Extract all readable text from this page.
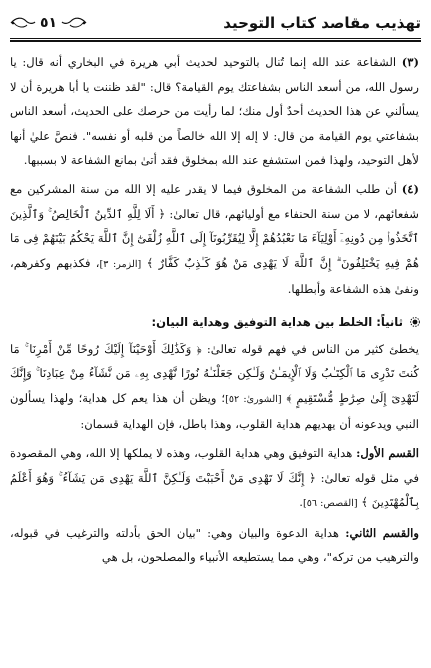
تهذيب مقاصد كتاب التوحيد
٥١

(٣) الشفاعة عند الله إنما تُنال بالتوحيد لحديث أبي هريرة في البخاري أنه قال: يا رسول الله، من أسعد الناس بشفاعتك يوم القيامة؟ قال: "لقد ظننت يا أبا هريرة أن لا يسألني عن هذا الحديث أحدٌ أول منك؛ لما رأيت من حرصك على الحديث، أسعد الناس بشفاعتي يوم القيامة من قال: لا إله إلا الله خالصاً من قلبه أو نفسه". فنصَّ عليٰ أنها لأهل التوحيد، ولهذا فمن استشفع عند الله بمخلوق فقد أتىٰ بمانع الشفاعة لا بسببها.

(٤) أن طلب الشفاعة من المخلوق فيما لا يقدر عليه إلا الله من سنة المشركين مع شفعائهم، لا من سنة الحنفاء مع أوليائهم، قال تعالىٰ: ﴿ أَلَا لِلَّهِ ٱلدِّينُ ٱلْخَالِصُ ۚ وَٱلَّذِينَ ٱتَّخَذُوا۟ مِن دُونِهِۦٓ أَوْلِيَآءَ مَا نَعْبُدُهُمْ إِلَّا لِيُقَرِّبُونَآ إِلَى ٱللَّهِ زُلْفَىٰٓ إِنَّ ٱللَّهَ يَحْكُمُ بَيْنَهُمْ فِى مَا هُمْ فِيهِ يَخْتَلِفُونَ ۗ إِنَّ ٱللَّهَ لَا يَهْدِى مَنْ هُوَ كَـٰذِبٌ كَفَّارٌ ﴾ [الزمر: ٣]، فكذبهم وكفرهم، ونفىٰ هذه الشفاعة وأبطلها.

ثانياً: الخلط بين هداية التوفيق وهداية البيان:

يخطئ كثير من الناس في فهم قوله تعالىٰ: ﴿ وَكَذَٰلِكَ أَوْحَيْنَآ إِلَيْكَ رُوحًا مِّنْ أَمْرِنَا ۚ مَا كُنتَ تَدْرِى مَا ٱلْكِتَـٰبُ وَلَا ٱلْإِيمَـٰنُ وَلَـٰكِن جَعَلْنَـٰهُ نُورًا نَّهْدِى بِهِۦ مَن نَّشَآءُ مِنْ عِبَادِنَا ۚ وَإِنَّكَ لَتَهْدِىٓ إِلَىٰ صِرَٰطٍ مُّسْتَقِيمٍ ﴾ [الشورىٰ: ٥٢]؛ ويظن أن هذا يعم كل هداية؛ ولهذا يسألون النبي ويدعونه أن يهديهم هداية القلوب، وهذا باطل، فإن الهداية قسمان:

القسم الأول: هداية التوفيق وهي هداية القلوب، وهذه لا يملكها إلا الله، وهي المقصودة في مثل قوله تعالىٰ: ﴿ إِنَّكَ لَا تَهْدِى مَنْ أَحْبَبْتَ وَلَـٰكِنَّ ٱللَّهَ يَهْدِى مَن يَشَآءُ ۚ وَهُوَ أَعْلَمُ بِٱلْمُهْتَدِينَ ﴾ [القصص: ٥٦].

والقسم الثاني: هداية الدعوة والبيان وهي: "بيان الحق بأدلته والترغيب في قبوله، والترهيب من تركه"، وهي مما يستطيعه الأنبياء والمصلحون، بل هي
